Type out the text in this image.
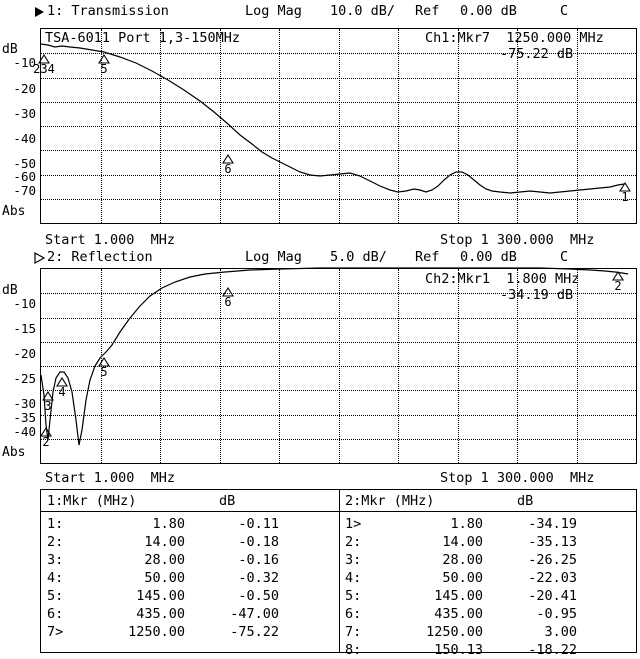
1: Transmission	Log Mag 10.0 dB/ Ref 0.00 dB	C
TSA-6011 Port 1,3-150MHz	Ch1:Mkr7  1250.000 MHz
-75.22 dB
dB
-10
-20
-30
-40
-50
-60
-70
Abs
Start 1.000  MHz	Stop 1 300.000  MHz
2: Reflection	Log Mag 5.0 dB/ Ref 0.00 dB	C
Ch2:Mkr1  1.800 MHz
-34.19 dB
dB
-10
-15
-20
-25
-30
-35
-40
Abs
Start 1.000  MHz	Stop 1 300.000  MHz
234	5
6
1
6
2
5
4
3
2
1:Mkr (MHz)	dB	2:Mkr (MHz)	dB
1:	1.80	-0.11
2:	14.00	-0.18
3:	28.00	-0.16
4:	50.00	-0.32
5:	145.00	-0.50
6:	435.00	-47.00
7>	1250.00	-75.22
1>	1.80	-34.19
2:	14.00	-35.13
3:	28.00	-26.25
4:	50.00	-22.03
5:	145.00	-20.41
6:	435.00	-0.95
7:	1250.00	3.00
8:	150.13	-18.22
